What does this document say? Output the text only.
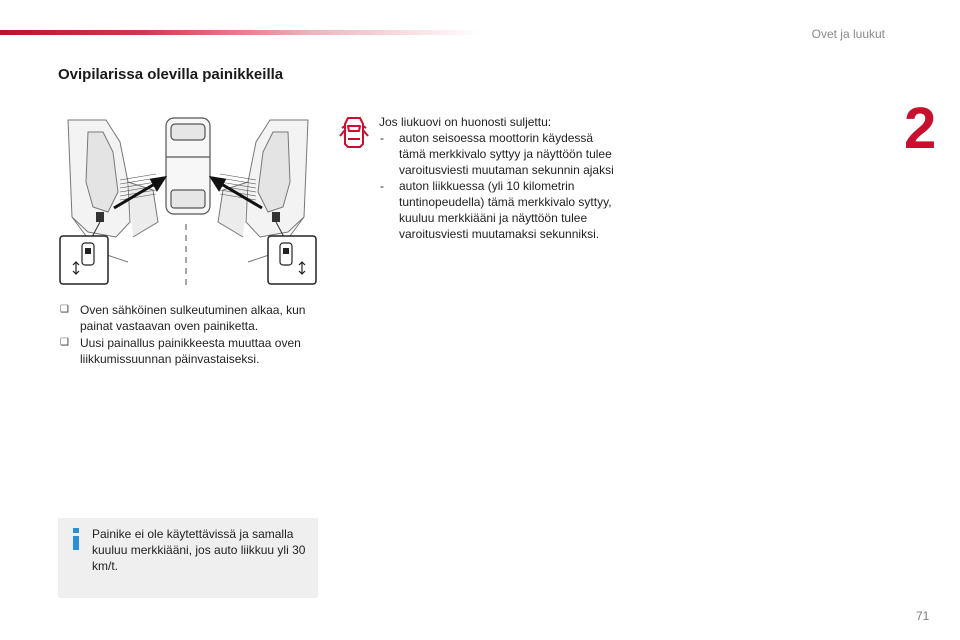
Ovet ja luukut
2
Ovipilarissa olevilla painikkeilla
❑ Oven sähköinen sulkeutuminen alkaa, kun painat vastaavan oven painiketta.
❑ Uusi painallus painikkeesta muuttaa oven liikkumissuunnan päinvastaiseksi.
Jos liukuovi on huonosti suljettu:
- auton seisoessa moottorin käydessä tämä merkkivalo syttyy ja näyttöön tulee varoitusviesti muutaman sekunnin ajaksi
- auton liikkuessa (yli 10 kilometrin tuntinopeudella) tämä merkkivalo syttyy, kuuluu merkkiääni ja näyttöön tulee varoitusviesti muutamaksi sekunniksi.
Painike ei ole käytettävissä ja samalla kuuluu merkkiääni, jos auto liikkuu yli 30 km/t.
71
